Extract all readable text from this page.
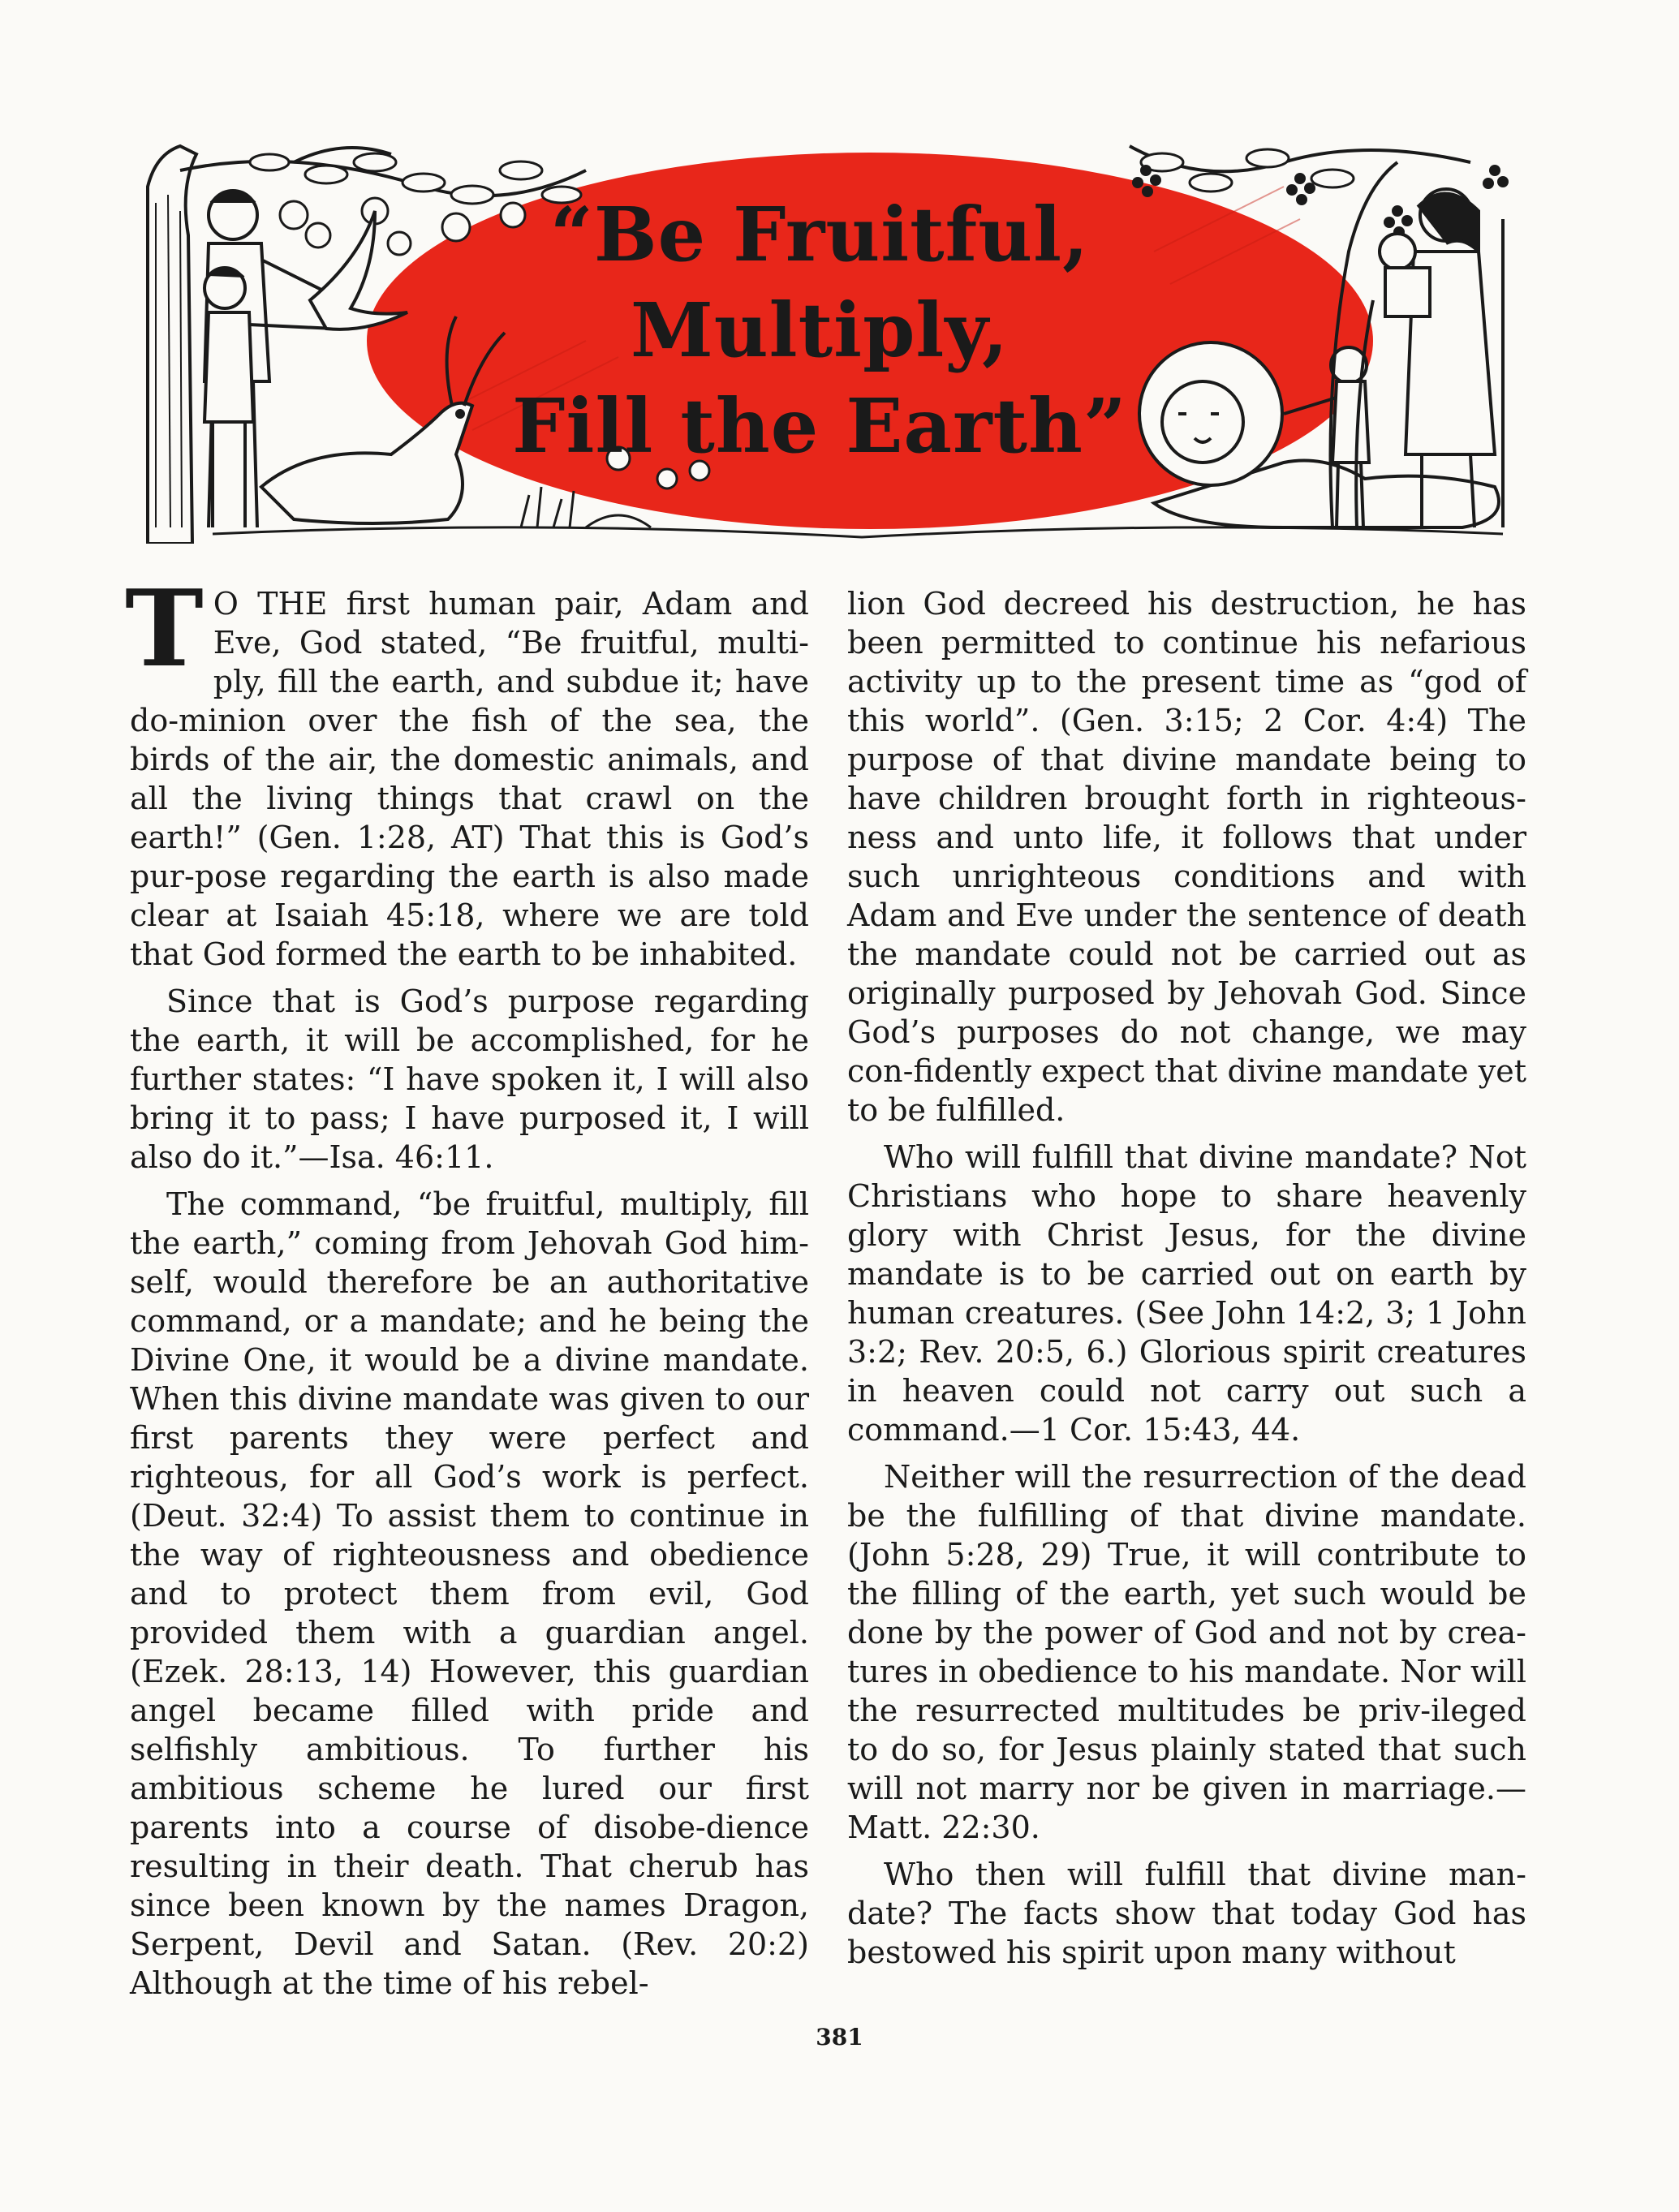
“Be Fruitful,
Multiply,
Fill the Earth”

T O THE first human pair, Adam and Eve, God stated, “Be fruitful, multi-ply, fill the earth, and subdue it; have do-minion over the fish of the sea, the birds of the air, the domestic animals, and all the living things that crawl on the earth!” (Gen. 1:28, AT) That this is God’s pur-pose regarding the earth is also made clear at Isaiah 45:18, where we are told that God formed the earth to be inhabited.

Since that is God’s purpose regarding the earth, it will be accomplished, for he further states: “I have spoken it, I will also bring it to pass; I have purposed it, I will also do it.”—Isa. 46:11.

The command, “be fruitful, multiply, fill the earth,” coming from Jehovah God him-self, would therefore be an authoritative command, or a mandate; and he being the Divine One, it would be a divine mandate. When this divine mandate was given to our first parents they were perfect and righteous, for all God’s work is perfect. (Deut. 32:4) To assist them to continue in the way of righteousness and obedience and to protect them from evil, God provided them with a guardian angel. (Ezek. 28:13, 14) However, this guardian angel became filled with pride and selfishly ambitious. To further his ambitious scheme he lured our first parents into a course of disobe-dience resulting in their death. That cherub has since been known by the names Dragon, Serpent, Devil and Satan. (Rev. 20:2) Although at the time of his rebel-

lion God decreed his destruction, he has been permitted to continue his nefarious activity up to the present time as “god of this world”. (Gen. 3:15; 2 Cor. 4:4) The purpose of that divine mandate being to have children brought forth in righteous-ness and unto life, it follows that under such unrighteous conditions and with Adam and Eve under the sentence of death the mandate could not be carried out as originally purposed by Jehovah God. Since God’s purposes do not change, we may con-fidently expect that divine mandate yet to be fulfilled.

Who will fulfill that divine mandate? Not Christians who hope to share heavenly glory with Christ Jesus, for the divine mandate is to be carried out on earth by human creatures. (See John 14:2, 3; 1 John 3:2; Rev. 20:5, 6.) Glorious spirit creatures in heaven could not carry out such a command.—1 Cor. 15:43, 44.

Neither will the resurrection of the dead be the fulfilling of that divine mandate. (John 5:28, 29) True, it will contribute to the filling of the earth, yet such would be done by the power of God and not by crea-tures in obedience to his mandate. Nor will the resurrected multitudes be priv-ileged to do so, for Jesus plainly stated that such will not marry nor be given in marriage.—Matt. 22:30.

Who then will fulfill that divine man-date? The facts show that today God has bestowed his spirit upon many without

381
